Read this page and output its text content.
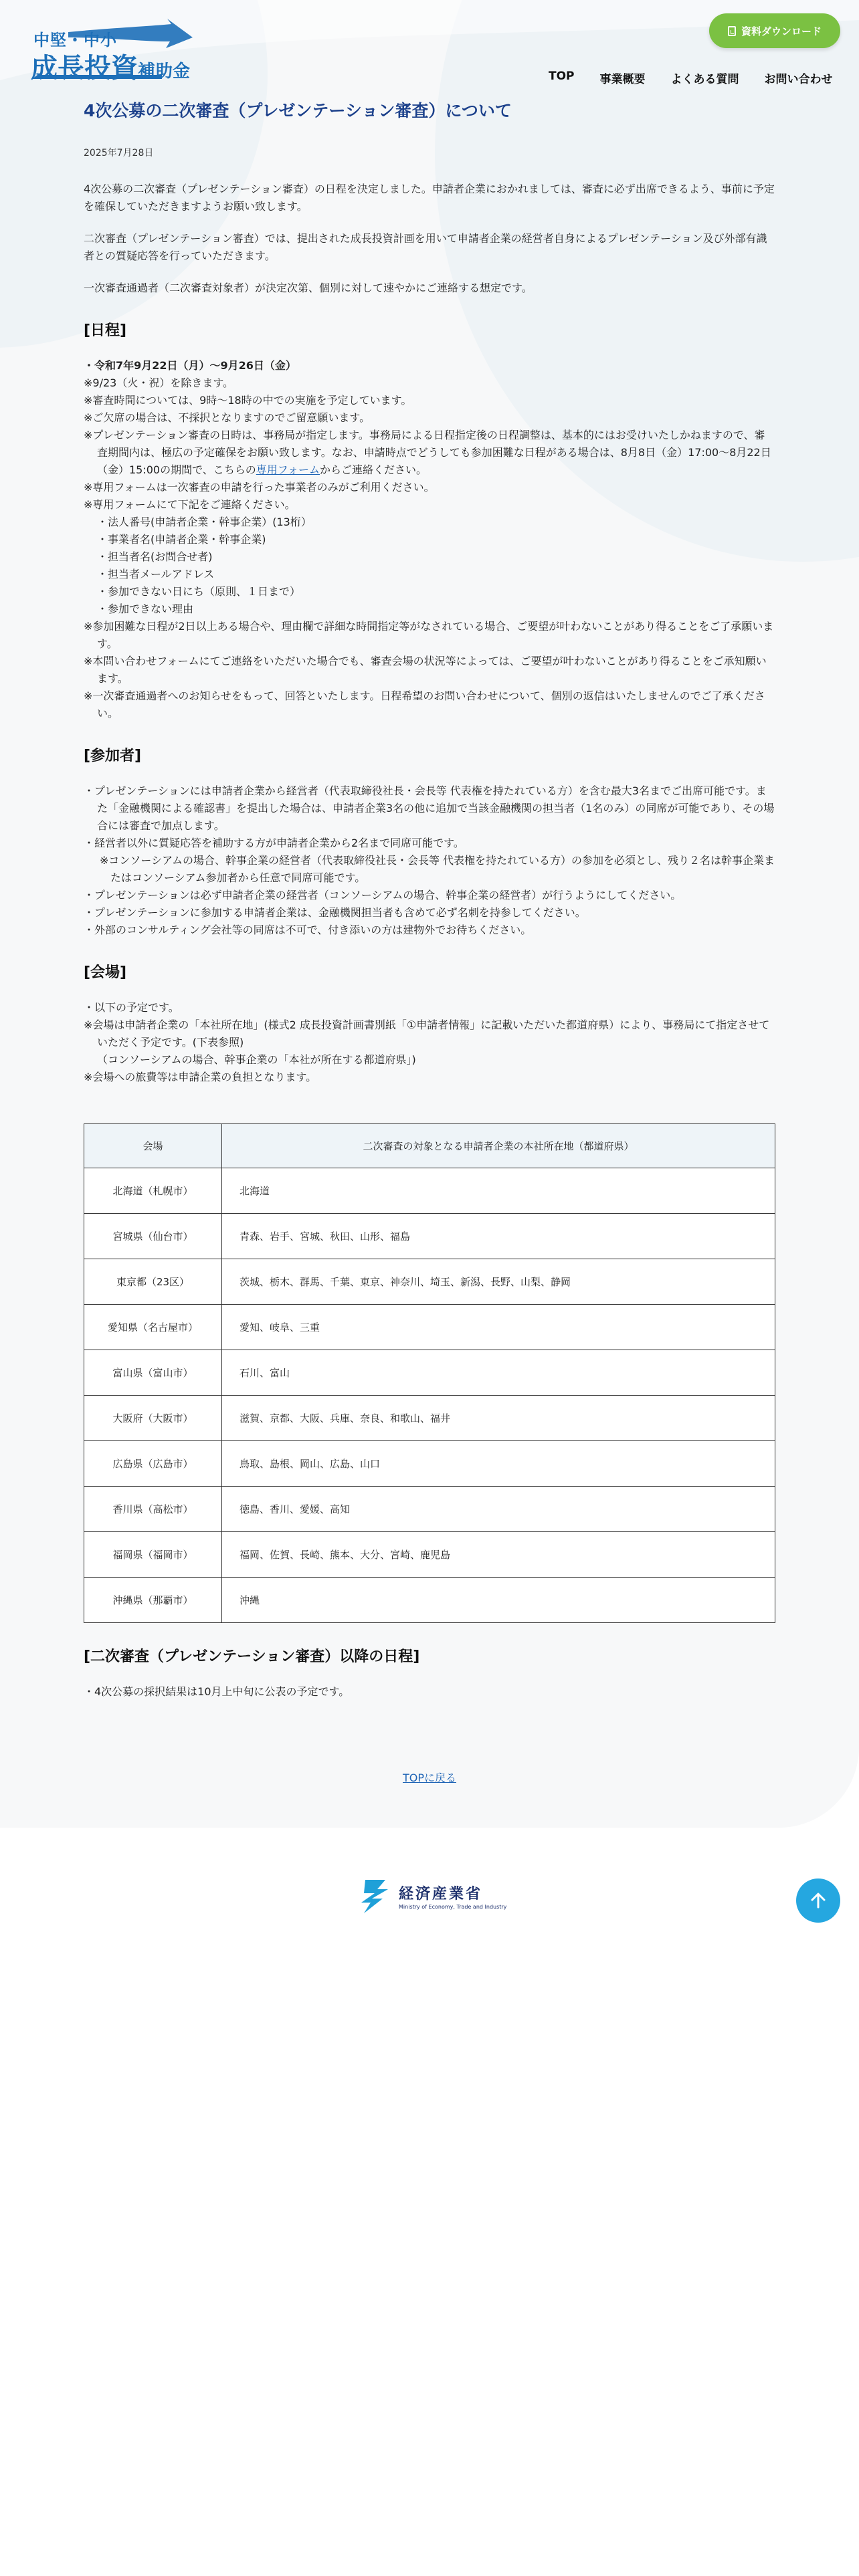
中堅・中小
成長投資補助金
資料ダウンロード
TOP 事業概要 よくある質問 お問い合わせ
4次公募の二次審査（プレゼンテーション審査）について
2025年7月28日

4次公募の二次審査（プレゼンテーション審査）の日程を決定しました。申請者企業におかれましては、審査に必ず出席できるよう、事前に予定を確保していただきますようお願い致します。

二次審査（プレゼンテーション審査）では、提出された成長投資計画を用いて申請者企業の経営者自身によるプレゼンテーション及び外部有識者との質疑応答を行っていただきます。

一次審査通過者（二次審査対象者）が決定次第、個別に対して速やかにご連絡する想定です。

[日程]
・令和7年9月22日（月）～9月26日（金）
※9/23（火・祝）を除きます。
※審査時間については、9時～18時の中での実施を予定しています。
※ご欠席の場合は、不採択となりますのでご留意願います。
※プレゼンテーション審査の日時は、事務局が指定します。事務局による日程指定後の日程調整は、基本的にはお受けいたしかねますので、審査期間内は、極広の予定確保をお願い致します。なお、申請時点でどうしても参加困難な日程がある場合は、8月8日（金）17:00～8月22日（金）15:00の期間で、こちらの専用フォームからご連絡ください。
※専用フォームは一次審査の申請を行った事業者のみがご利用ください。
※専用フォームにて下記をご連絡ください。
・法人番号(申請者企業・幹事企業）(13桁）
・事業者名(申請者企業・幹事企業)
・担当者名(お問合せ者)
・担当者メールアドレス
・参加できない日にち（原則、１日まで）
・参加できない理由
※参加困難な日程が2日以上ある場合や、理由欄で詳細な時間指定等がなされている場合、ご要望が叶わないことがあり得ることをご了承願います。
※本問い合わせフォームにてご連絡をいただいた場合でも、審査会場の状況等によっては、ご要望が叶わないことがあり得ることをご承知願います。
※一次審査通過者へのお知らせをもって、回答といたします。日程希望のお問い合わせについて、個別の返信はいたしませんのでご了承ください。
[参加者]
・プレゼンテーションには申請者企業から経営者（代表取締役社長・会長等 代表権を持たれている方）を含む最大3名までご出席可能です。また「金融機関による確認書」を提出した場合は、申請者企業3名の他に追加で当該金融機関の担当者（1名のみ）の同席が可能であり、その場合には審査で加点します。
・経営者以外に質疑応答を補助する方が申請者企業から2名まで同席可能です。
※コンソーシアムの場合、幹事企業の経営者（代表取締役社長・会長等 代表権を持たれている方）の参加を必須とし、残り２名は幹事企業またはコンソーシアム参加者から任意で同席可能です。
・プレゼンテーションは必ず申請者企業の経営者（コンソーシアムの場合、幹事企業の経営者）が行うようにしてください。
・プレゼンテーションに参加する申請者企業は、金融機関担当者も含めて必ず名刺を持参してください。
・外部のコンサルティング会社等の同席は不可で、付き添いの方は建物外でお待ちください。
[会場]
・以下の予定です。
※会場は申請者企業の「本社所在地」(様式2 成長投資計画書別紙「①申請者情報」に記載いただいた都道府県）により、事務局にて指定させていただく予定です。(下表参照)
（コンソーシアムの場合、幹事企業の「本社が所在する都道府県」)
※会場への旅費等は申請企業の負担となります。
会場	二次審査の対象となる申請者企業の本社所在地（都道府県）
北海道（札幌市）	北海道
宮城県（仙台市）	青森、岩手、宮城、秋田、山形、福島
東京都（23区）	茨城、栃木、群馬、千葉、東京、神奈川、埼玉、新潟、長野、山梨、静岡
愛知県（名古屋市）	愛知、岐阜、三重
富山県（富山市）	石川、富山
大阪府（大阪市）	滋賀、京都、大阪、兵庫、奈良、和歌山、福井
広島県（広島市）	鳥取、島根、岡山、広島、山口
香川県（高松市）	徳島、香川、愛媛、高知
福岡県（福岡市）	福岡、佐賀、長崎、熊本、大分、宮崎、鹿児島
沖縄県（那覇市）	沖縄
[二次審査（プレゼンテーション審査）以降の日程]
・4次公募の採択結果は10月上中旬に公表の予定です。
TOPに戻る
経済産業省
Ministry of Economy, Trade and Industry
